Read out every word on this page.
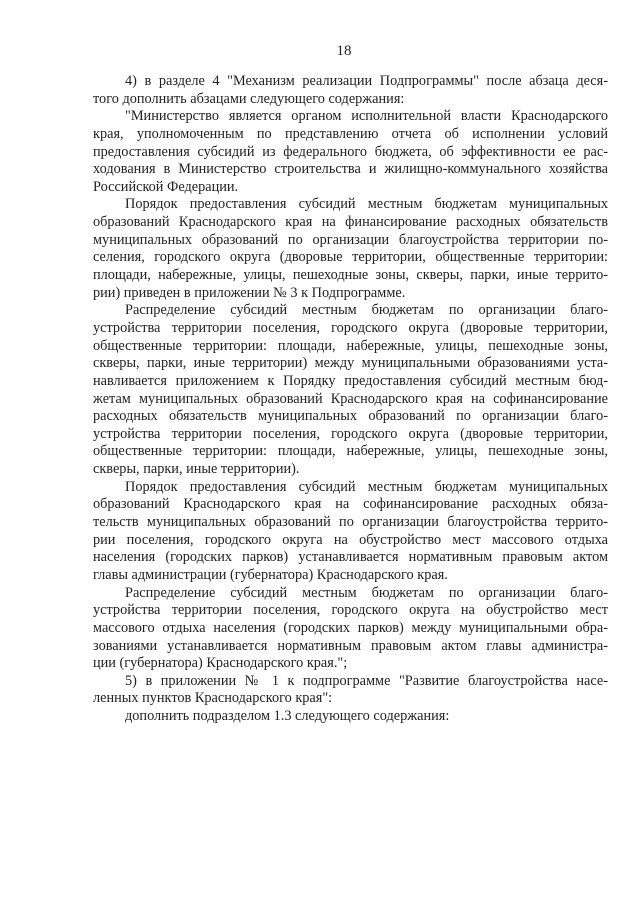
18
4) в разделе 4 "Механизм реализации Подпрограммы" после абзаца деся-
того дополнить абзацами следующего содержания:
"Министерство является органом исполнительной власти Краснодарского
края, уполномоченным по представлению отчета об исполнении условий
предоставления субсидий из федерального бюджета, об эффективности ее рас-
ходования в Министерство строительства и жилищно-коммунального хозяйства
Российской Федерации.
Порядок предоставления субсидий местным бюджетам муниципальных
образований Краснодарского края на финансирование расходных обязательств
муниципальных образований по организации благоустройства территории по-
селения, городского округа (дворовые территории, общественные территории:
площади, набережные, улицы, пешеходные зоны, скверы, парки, иные террито-
рии) приведен в приложении № 3 к Подпрограмме.
Распределение субсидий местным бюджетам по организации благо-
устройства территории поселения, городского округа (дворовые территории,
общественные территории: площади, набережные, улицы, пешеходные зоны,
скверы, парки, иные территории) между муниципальными образованиями уста-
навливается приложением к Порядку предоставления субсидий местным бюд-
жетам муниципальных образований Краснодарского края на софинансирование
расходных обязательств муниципальных образований по организации благо-
устройства территории поселения, городского округа (дворовые территории,
общественные территории: площади, набережные, улицы, пешеходные зоны,
скверы, парки, иные территории).
Порядок предоставления субсидий местным бюджетам муниципальных
образований Краснодарского края на софинансирование расходных обяза-
тельств муниципальных образований по организации благоустройства террито-
рии поселения, городского округа на обустройство мест массового отдыха
населения (городских парков) устанавливается нормативным правовым актом
главы администрации (губернатора) Краснодарского края.
Распределение субсидий местным бюджетам по организации благо-
устройства территории поселения, городского округа на обустройство мест
массового отдыха населения (городских парков) между муниципальными обра-
зованиями устанавливается нормативным правовым актом главы администра-
ции (губернатора) Краснодарского края.";
5) в приложении № 1 к подпрограмме "Развитие благоустройства насе-
ленных пунктов Краснодарского края":
дополнить подразделом 1.3 следующего содержания:
